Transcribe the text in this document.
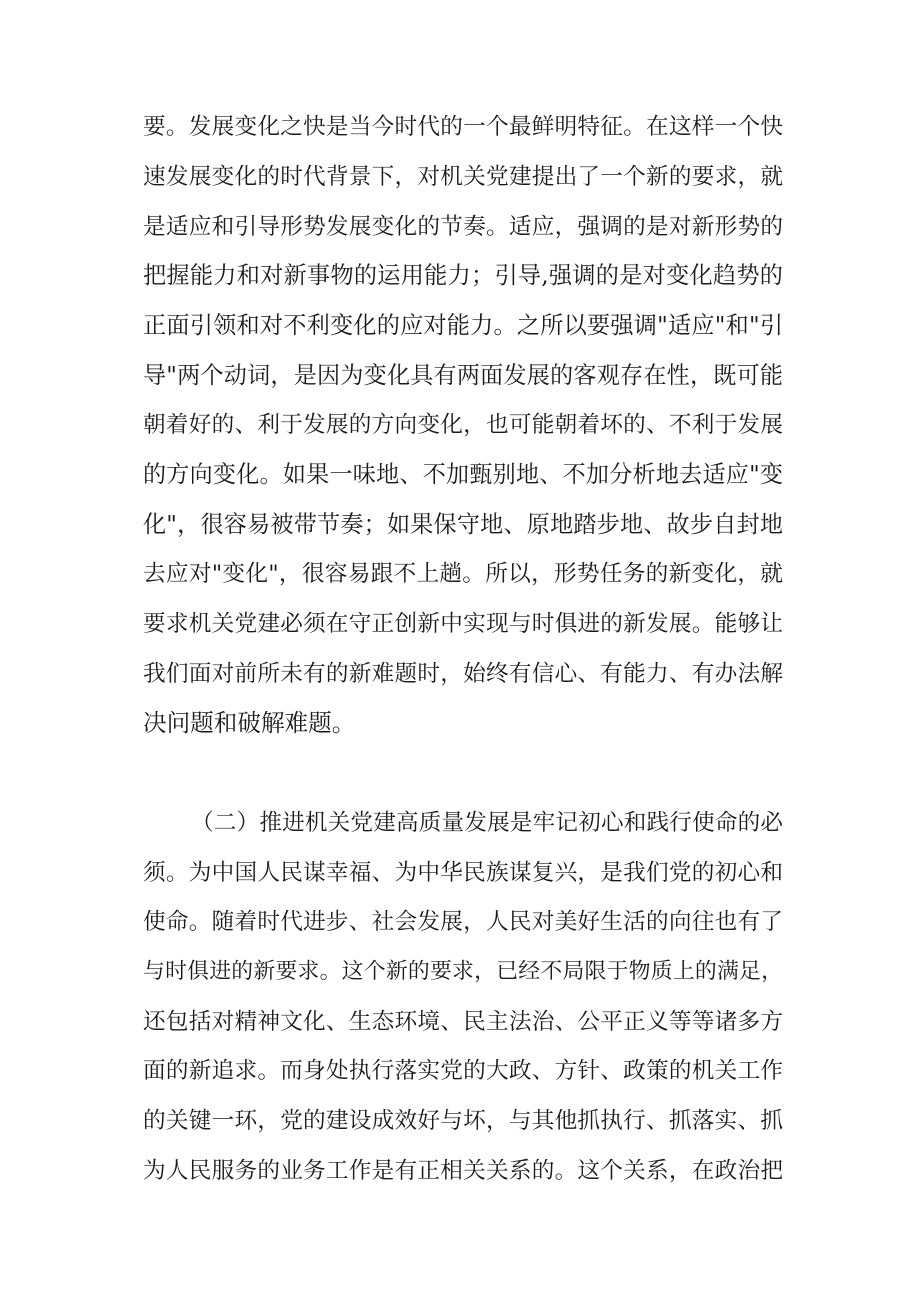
要。发展变化之快是当今时代的一个最鲜明特征。在这样一个快
速发展变化的时代背景下，对机关党建提出了一个新的要求，就
是适应和引导形势发展变化的节奏。适应，强调的是对新形势的
把握能力和对新事物的运用能力；引导,强调的是对变化趋势的
正面引领和对不利变化的应对能力。之所以要强调"适应"和"引
导"两个动词，是因为变化具有两面发展的客观存在性，既可能
朝着好的、利于发展的方向变化，也可能朝着坏的、不利于发展
的方向变化。如果一味地、不加甄别地、不加分析地去适应"变
化"，很容易被带节奏；如果保守地、原地踏步地、故步自封地
去应对"变化"，很容易跟不上趟。所以，形势任务的新变化，就
要求机关党建必须在守正创新中实现与时俱进的新发展。能够让
我们面对前所未有的新难题时，始终有信心、有能力、有办法解
决问题和破解难题。
（二）推进机关党建高质量发展是牢记初心和践行使命的必
须。为中国人民谋幸福、为中华民族谋复兴，是我们党的初心和
使命。随着时代进步、社会发展，人民对美好生活的向往也有了
与时俱进的新要求。这个新的要求，已经不局限于物质上的满足，
还包括对精神文化、生态环境、民主法治、公平正义等等诸多方
面的新追求。而身处执行落实党的大政、方针、政策的机关工作
的关键一环，党的建设成效好与坏，与其他抓执行、抓落实、抓
为人民服务的业务工作是有正相关关系的。这个关系，在政治把
